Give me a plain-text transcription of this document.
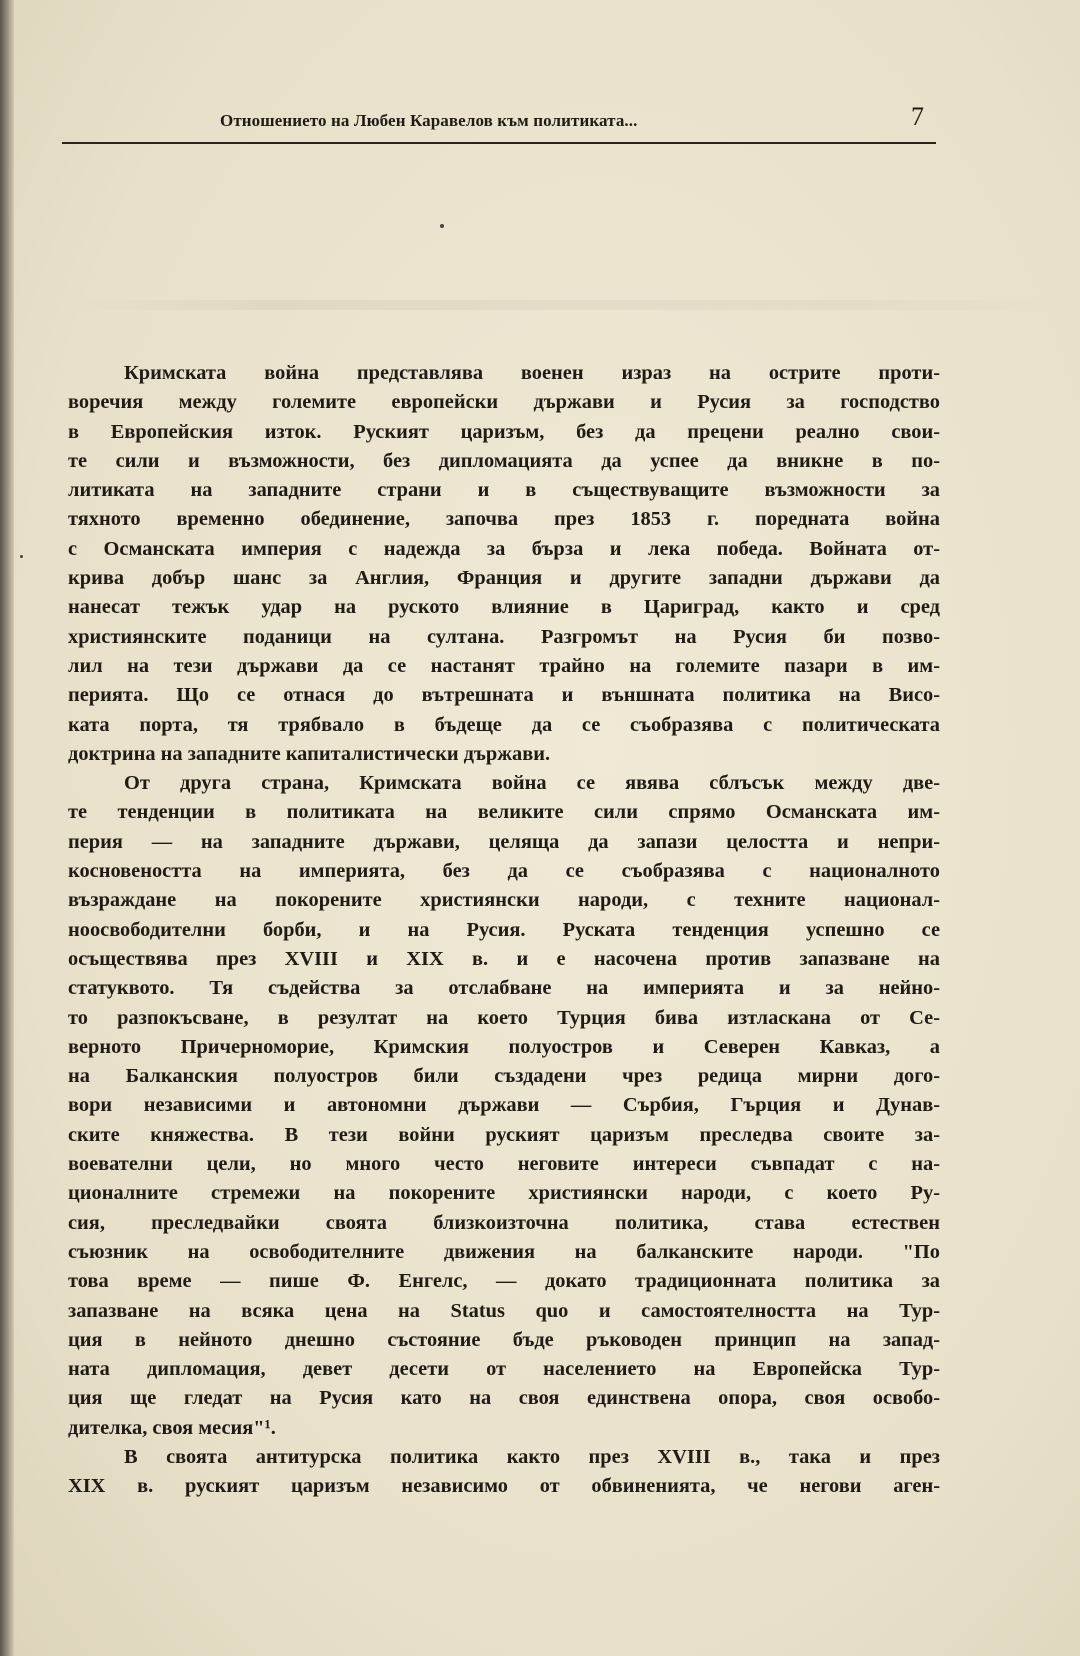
Отношението на Любен Каравелов към политиката...	7
Кримската война представлява военен израз на острите проти-
воречия между големите европейски държави и Русия за господство
в Европейския изток. Руският царизъм, без да прецени реално свои-
те сили и възможности, без дипломацията да успее да вникне в по-
литиката на западните страни и в съществуващите възможности за
тяхното временно обединение, започва през 1853 г. поредната война
с Османската империя с надежда за бърза и лека победа. Войната от-
крива добър шанс за Англия, Франция и другите западни държави да
нанесат тежък удар на руското влияние в Цариград, както и сред
християнските поданици на султана. Разгромът на Русия би позво-
лил на тези държави да се настанят трайно на големите пазари в им-
перията. Що се отнася до вътрешната и външната политика на Висо-
ката порта, тя трябвало в бъдеще да се съобразява с политическата
доктрина на западните капиталистически държави.
От друга страна, Кримската война се явява сблъсък между две-
те тенденции в политиката на великите сили спрямо Османската им-
перия — на западните държави, целяща да запази целостта и непри-
косновеността на империята, без да се съобразява с националното
възраждане на покорените християнски народи, с техните национал-
ноосвободителни борби, и на Русия. Руската тенденция успешно се
осъществява през XVIII и XIX в. и е насочена против запазване на
статуквото. Тя съдейства за отслабване на империята и за нейно-
то разпокъсване, в резултат на което Турция бива изтласкана от Се-
верното Причерноморие, Кримския полуостров и Северен Кавказ, а
на Балканския полуостров били създадени чрез редица мирни дого-
вори независими и автономни държави — Сърбия, Гърция и Дунав-
ските княжества. В тези войни руският царизъм преследва своите за-
воевателни цели, но много често неговите интереси съвпадат с на-
ционалните стремежи на покорените християнски народи, с което Ру-
сия, преследвайки своята близкоизточна политика, става естествен
съюзник на освободителните движения на балканските народи. "По
това време — пише Ф. Енгелс, — докато традиционната политика за
запазване на всяка цена на Status quo и самостоятелността на Тур-
ция в нейното днешно състояние бъде ръководен принцип на запад-
ната дипломация, девет десети от населението на Европейска Тур-
ция ще гледат на Русия като на своя единствена опора, своя освобо-
дителка, своя месия"¹.
В своята антитурска политика както през XVIII в., така и през
XIX в. руският царизъм независимо от обвиненията, че негови аген-
